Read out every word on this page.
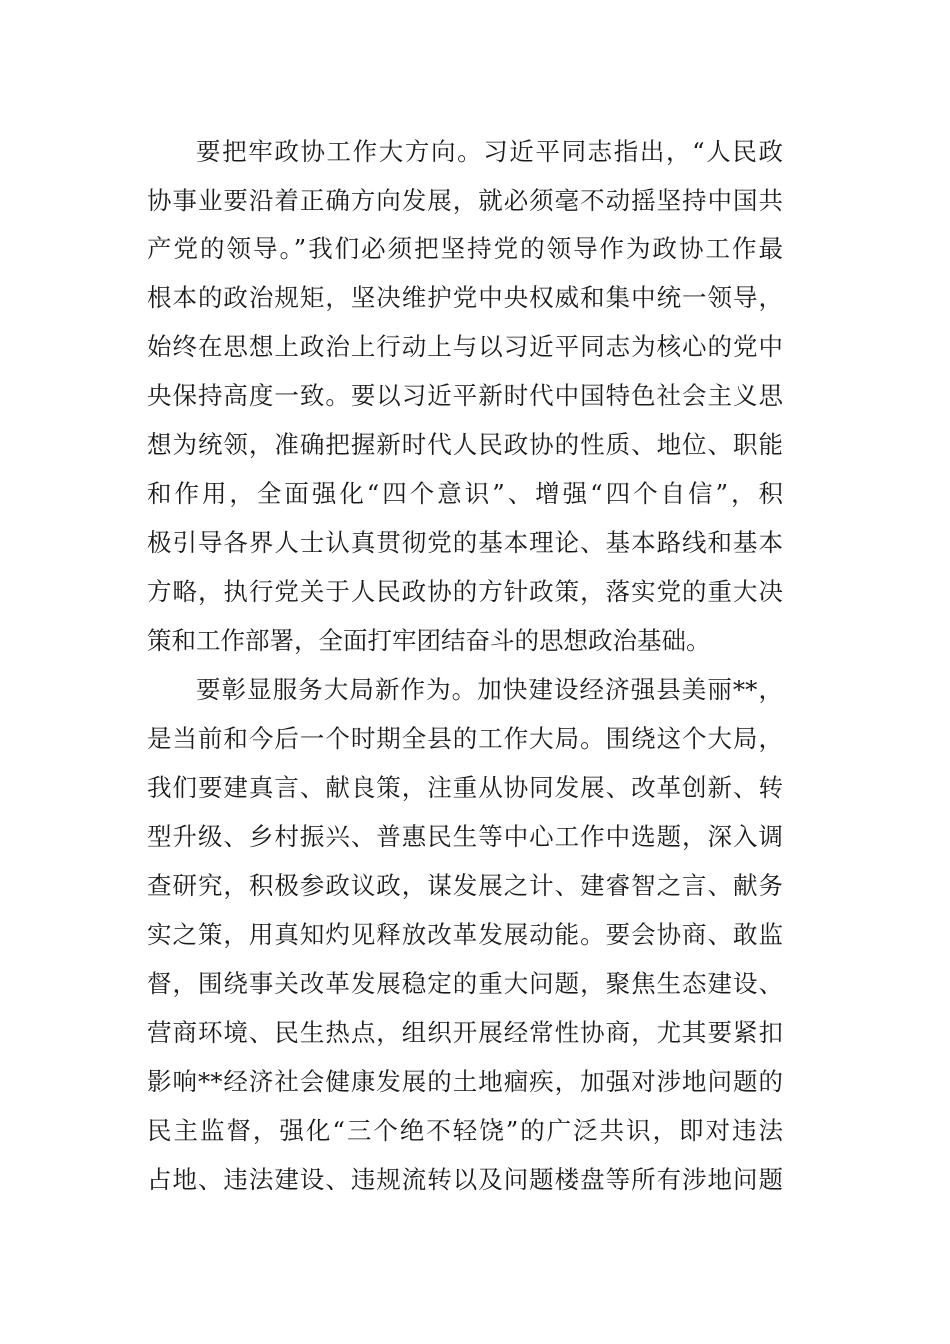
要把牢政协工作大方向。习近平同志指出，“人民政
协事业要沿着正确方向发展，就必须毫不动摇坚持中国共
产党的领导。”我们必须把坚持党的领导作为政协工作最
根本的政治规矩，坚决维护党中央权威和集中统一领导，
始终在思想上政治上行动上与以习近平同志为核心的党中
央保持高度一致。要以习近平新时代中国特色社会主义思
想为统领，准确把握新时代人民政协的性质、地位、职能
和作用，全面强化“四个意识”、增强“四个自信”，积
极引导各界人士认真贯彻党的基本理论、基本路线和基本
方略，执行党关于人民政协的方针政策，落实党的重大决
策和工作部署，全面打牢团结奋斗的思想政治基础。
要彰显服务大局新作为。加快建设经济强县美丽**，
是当前和今后一个时期全县的工作大局。围绕这个大局，
我们要建真言、献良策，注重从协同发展、改革创新、转
型升级、乡村振兴、普惠民生等中心工作中选题，深入调
查研究，积极参政议政，谋发展之计、建睿智之言、献务
实之策，用真知灼见释放改革发展动能。要会协商、敢监
督，围绕事关改革发展稳定的重大问题，聚焦生态建设、
营商环境、民生热点，组织开展经常性协商，尤其要紧扣
影响**经济社会健康发展的土地痼疾，加强对涉地问题的
民主监督，强化“三个绝不轻饶”的广泛共识，即对违法
占地、违法建设、违规流转以及问题楼盘等所有涉地问题
